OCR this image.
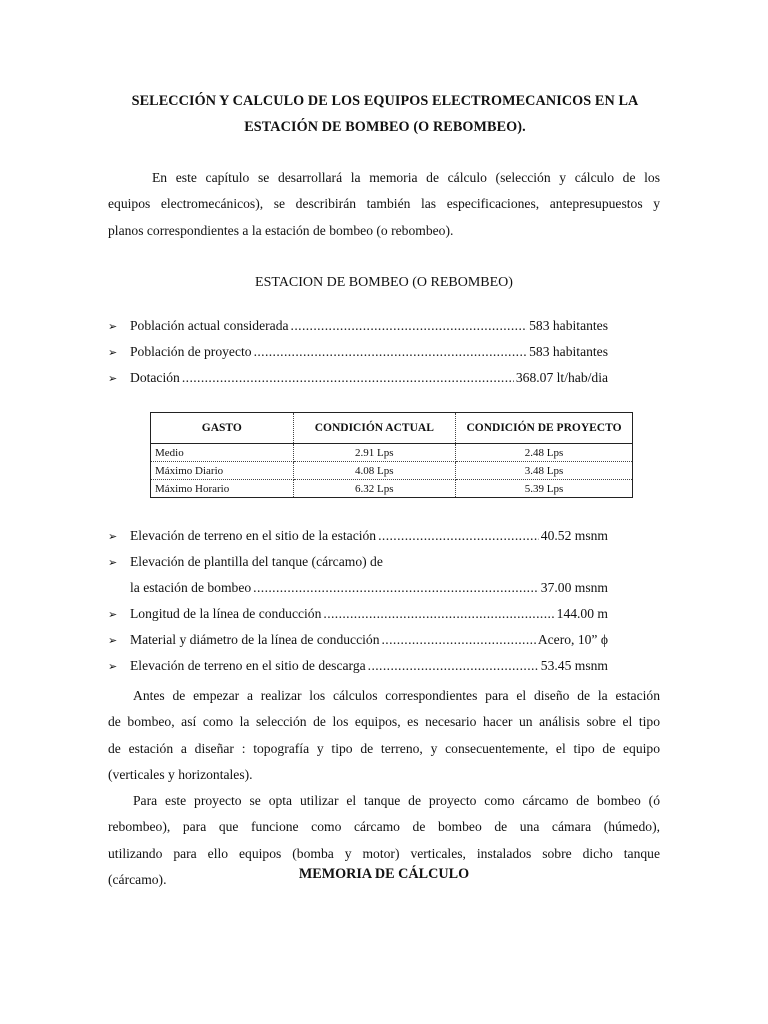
SELECCIÓN Y CALCULO DE LOS EQUIPOS ELECTROMECANICOS EN LA
ESTACIÓN DE BOMBEO (O REBOMBEO).
En este capítulo se desarrollará la memoria de cálculo (selección y cálculo de los
equipos electromecánicos), se describirán también las especificaciones, antepresupuestos y
planos correspondientes a la estación de bombeo (o rebombeo).
ESTACION DE BOMBEO (O REBOMBEO)
➢ Población actual considerada .....	583 habitantes
➢ Población de proyecto .....	583 habitantes
➢ Dotación .....	368.07 lt/hab/dia
GASTO	CONDICIÓN ACTUAL	CONDICIÓN DE PROYECTO
Medio	2.91 Lps	2.48 Lps
Máximo Diario	4.08 Lps	3.48 Lps
Máximo Horario	6.32 Lps	5.39 Lps
➢ Elevación de terreno en el sitio de la estación .....	40.52 msnm
➢ Elevación de plantilla del tanque (cárcamo) de
la estación de bombeo .....	37.00 msnm
➢ Longitud de la línea de conducción .....	144.00 m
➢ Material y diámetro de la línea de conducción .....	Acero, 10” ϕ
➢ Elevación de terreno en el sitio de descarga .....	53.45 msnm
Antes de empezar a realizar los cálculos correspondientes para el diseño de la estación
de bombeo, así como la selección de los equipos, es necesario hacer un análisis sobre el tipo
de estación a diseñar : topografía y tipo de terreno, y consecuentemente, el tipo de equipo
(verticales y horizontales).
Para este proyecto se opta utilizar el tanque de proyecto como cárcamo de bombeo (ó
rebombeo), para que funcione como cárcamo de bombeo de una cámara (húmedo),
utilizando para ello equipos (bomba y motor) verticales, instalados sobre dicho tanque
(cárcamo).	MEMORIA DE CÁLCULO
